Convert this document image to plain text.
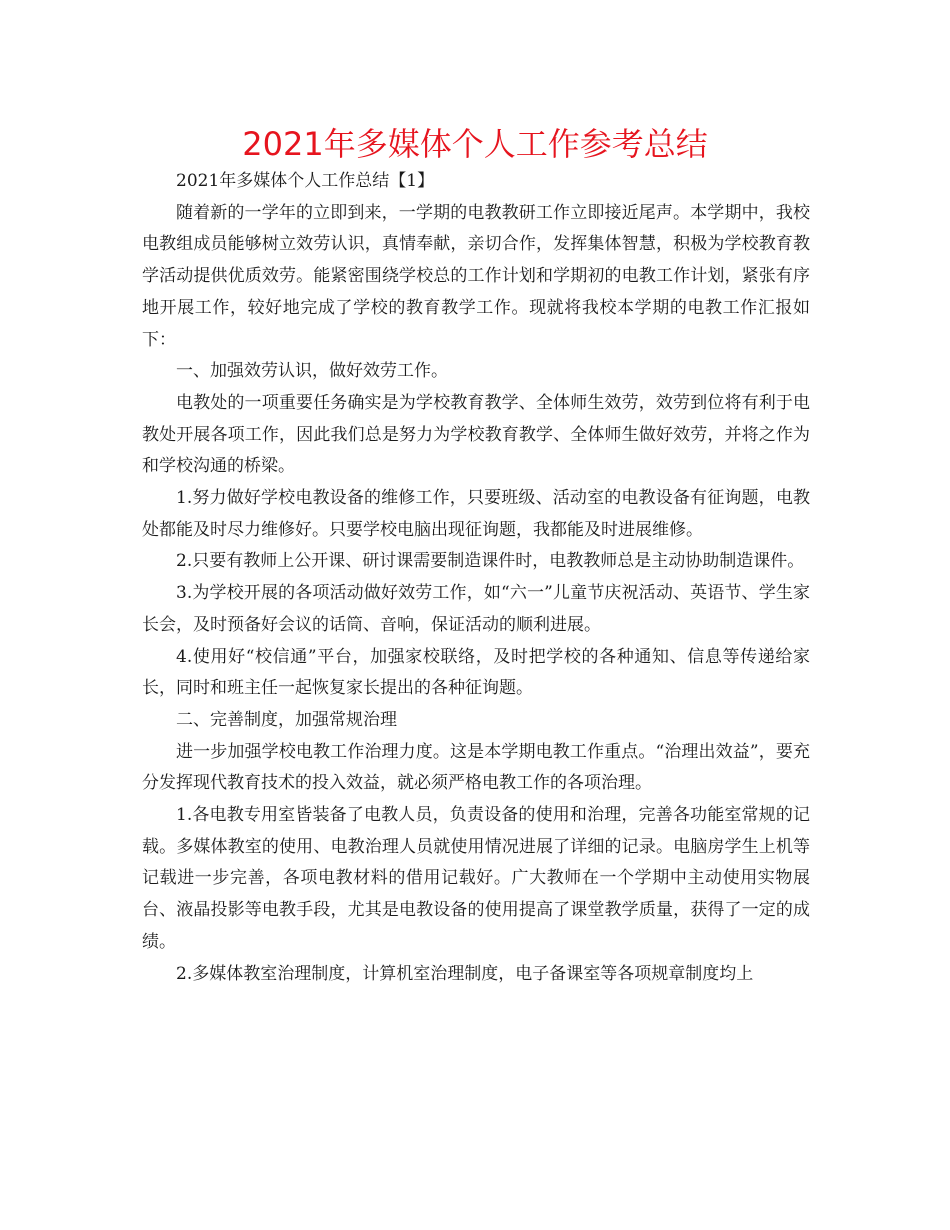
2021年多媒体个人工作参考总结

2021年多媒体个人工作总结【1】

随着新的一学年的立即到来，一学期的电教教研工作立即接近尾声。本学期中，我校电教组成员能够树立效劳认识，真情奉献，亲切合作，发挥集体智慧，积极为学校教育教学活动提供优质效劳。能紧密围绕学校总的工作计划和学期初的电教工作计划，紧张有序地开展工作，较好地完成了学校的教育教学工作。现就将我校本学期的电教工作汇报如下：

一、加强效劳认识，做好效劳工作。

电教处的一项重要任务确实是为学校教育教学、全体师生效劳，效劳到位将有利于电教处开展各项工作，因此我们总是努力为学校教育教学、全体师生做好效劳，并将之作为和学校沟通的桥梁。

1.努力做好学校电教设备的维修工作，只要班级、活动室的电教设备有征询题，电教处都能及时尽力维修好。只要学校电脑出现征询题，我都能及时进展维修。

2.只要有教师上公开课、研讨课需要制造课件时，电教教师总是主动协助制造课件。

3.为学校开展的各项活动做好效劳工作，如“六一”儿童节庆祝活动、英语节、学生家长会，及时预备好会议的话筒、音响，保证活动的顺利进展。

4.使用好“校信通”平台，加强家校联络，及时把学校的各种通知、信息等传递给家长，同时和班主任一起恢复家长提出的各种征询题。

二、完善制度，加强常规治理

进一步加强学校电教工作治理力度。这是本学期电教工作重点。“治理出效益”，要充分发挥现代教育技术的投入效益，就必须严格电教工作的各项治理。

1.各电教专用室皆装备了电教人员，负责设备的使用和治理，完善各功能室常规的记载。多媒体教室的使用、电教治理人员就使用情况进展了详细的记录。电脑房学生上机等记载进一步完善，各项电教材料的借用记载好。广大教师在一个学期中主动使用实物展台、液晶投影等电教手段，尤其是电教设备的使用提高了课堂教学质量，获得了一定的成绩。

2.多媒体教室治理制度，计算机室治理制度，电子备课室等各项规章制度均上
